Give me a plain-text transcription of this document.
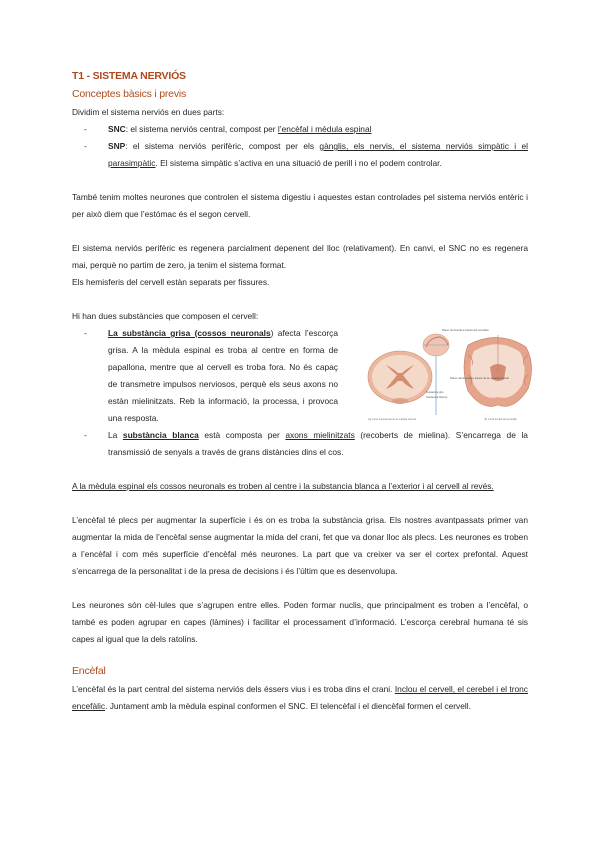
T1 - SISTEMA NERVIÓS
Conceptes bàsics i previs

Dividim el sistema nerviós en dues parts:

- SNC: el sistema nerviós central, compost per l’encèfal i mèdula espinal
- SNP: el sistema nerviós perifèric, compost per els gànglis, els nervis, el sistema nerviós simpàtic i el parasimpàtic. El sistema simpàtic s’activa en una situació de perill i no el podem controlar.

També tenim moltes neurones que controlen el sistema digestiu i aquestes estan controlades pel sistema nerviós entèric i per això diem que l’estómac és el segon cervell.

El sistema nerviós perifèric es regenera parcialment depenent del lloc (relativament). En canvi, el SNC no es regenera mai, perquè no partim de zero, ja tenim el sistema format.

Els hemisferis del cervell estàn separats per fissures.

Hi han dues substàncies que composen el cervell:

- La substància grisa (cossos neuronals) afecta l’escorça grisa. A la mèdula espinal es troba al centre en forma de papallona, mentre que al cervell es troba fora. No és capaç de transmetre impulsos nerviosos, perquè els seus axons no estàn mielinitzats. Reb la informació, la processa, i provoca una resposta.
Plano horizontal a través del encéfalo
Plano transversal a través de la médula espinal
Sustancia gris
Sustancia blanca
(a) Corte transversal de la médula espinal	(b) Corte frontal del encéfalo
- La substància blanca està composta per axons mielinitzats (recoberts de mielina). S’encarrega de la transmissió de senyals a través de grans distàncies dins el cos.

A la mèdula espinal els cossos neuronals es troben al centre i la substancia blanca a l’exterior i al cervell al revés.

L’encèfal té plecs per augmentar la superfície i és on es troba la substància grisa. Els nostres avantpassats primer van augmentar la mida de l’encèfal sense augmentar la mida del crani, fet que va donar lloc als plecs. Les neurones es troben a l’encèfal i com més superfície d’encèfal més neurones. La part que va creixer va ser el cortex prefontal. Aquest s’encarrega de la personalitat i de la presa de decisions i és l’últim que es desenvolupa.

Les neurones són cèl·lules que s’agrupen entre elles. Poden formar nuclis, que principalment es troben a l’encèfal, o també es poden agrupar en capes (làmines) i facilitar el processament d’informació. L’escorça cerebral humana té sis capes al igual que la dels ratolins.

Encèfal

L’encèfal és la part central del sistema nerviós dels éssers vius i es troba dins el crani. Inclou el cervell, el cerebel i el tronc encefàlic. Juntament amb la mèdula espinal conformen el SNC. El telencèfal i el diencèfal formen el cervell.
